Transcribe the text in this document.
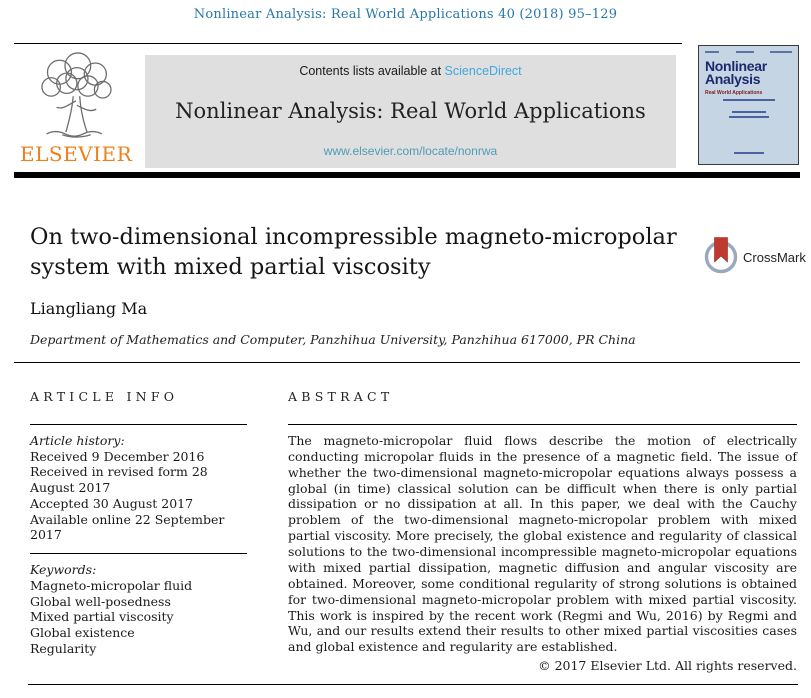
Nonlinear Analysis: Real World Applications 40 (2018) 95–129
ELSEVIER
Contents lists available at ScienceDirect
Nonlinear Analysis: Real World Applications
www.elsevier.com/locate/nonrwa
Nonlinear
Analysis
Real World Applications
On two-dimensional incompressible magneto-micropolar system with mixed partial viscosity	CrossMark
Liangliang Ma
Department of Mathematics and Computer, Panzhihua University, Panzhihua 617000, PR China
ARTICLE INFO
Article history:
Received 9 December 2016
Received in revised form 28 August 2017
Accepted 30 August 2017
Available online 22 September 2017
Keywords:
Magneto-micropolar fluid
Global well-posedness
Mixed partial viscosity
Global existence
Regularity
ABSTRACT
The magneto-micropolar fluid flows describe the motion of electrically conducting micropolar fluids in the presence of a magnetic field. The issue of whether the two-dimensional magneto-micropolar equations always possess a global (in time) classical solution can be difficult when there is only partial dissipation or no dissipation at all. In this paper, we deal with the Cauchy problem of the two-dimensional magneto-micropolar problem with mixed partial viscosity. More precisely, the global existence and regularity of classical solutions to the two-dimensional incompressible magneto-micropolar equations with mixed partial dissipation, magnetic diffusion and angular viscosity are obtained. Moreover, some conditional regularity of strong solutions is obtained for two-dimensional magneto-micropolar problem with mixed partial viscosity. This work is inspired by the recent work (Regmi and Wu, 2016) by Regmi and Wu, and our results extend their results to other mixed partial viscosities cases and global existence and regularity are established.
© 2017 Elsevier Ltd. All rights reserved.
